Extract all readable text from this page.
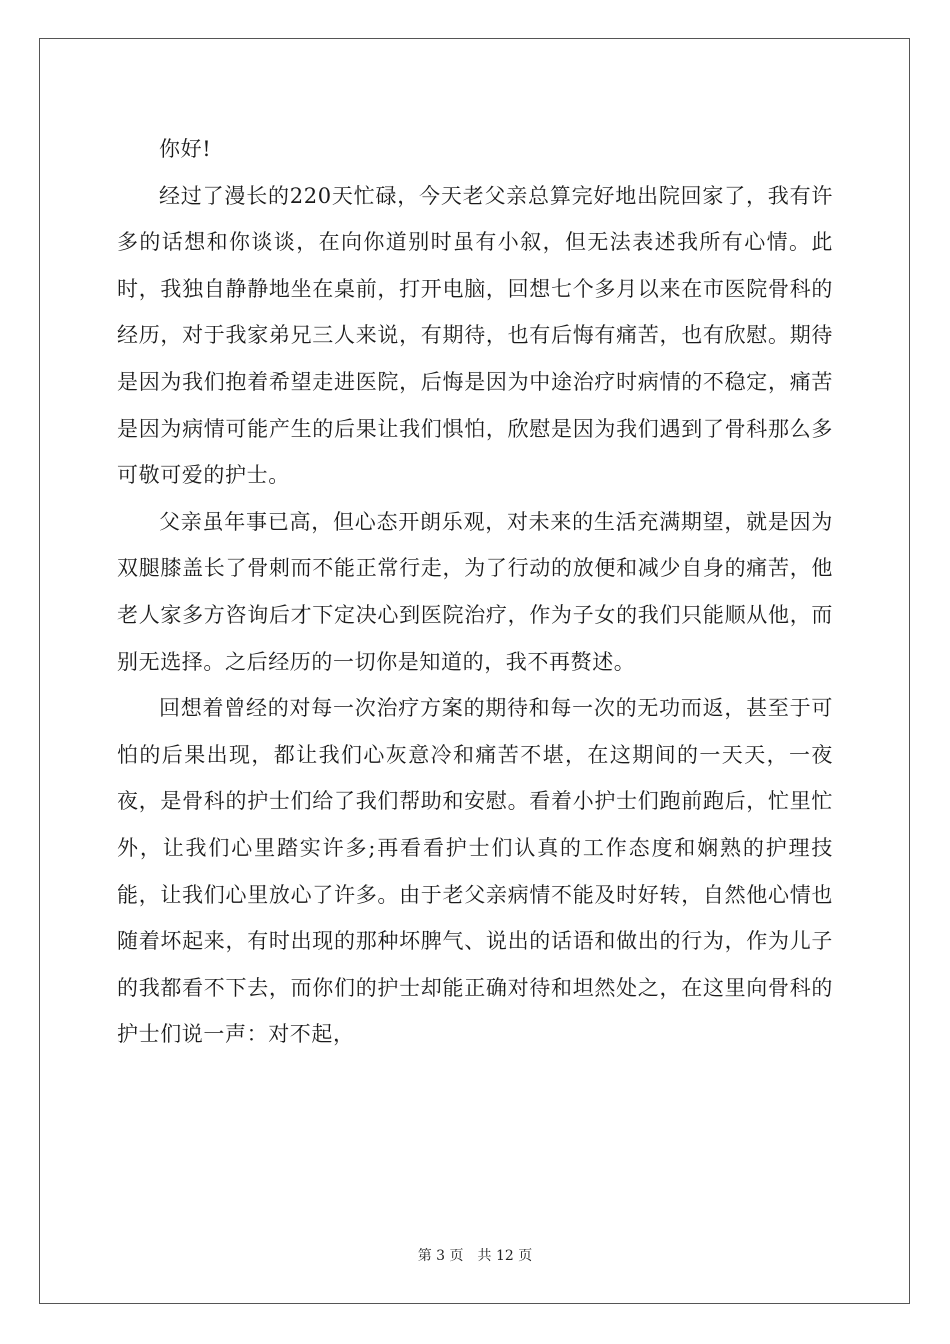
你好!

经过了漫长的220天忙碌，今天老父亲总算完好地出院回家了，我有许多的话想和你谈谈，在向你道别时虽有小叙，但无法表述我所有心情。此时，我独自静静地坐在桌前，打开电脑，回想七个多月以来在市医院骨科的经历，对于我家弟兄三人来说，有期待，也有后悔有痛苦，也有欣慰。期待是因为我们抱着希望走进医院，后悔是因为中途治疗时病情的不稳定，痛苦是因为病情可能产生的后果让我们惧怕，欣慰是因为我们遇到了骨科那么多可敬可爱的护士。

父亲虽年事已高，但心态开朗乐观，对未来的生活充满期望，就是因为双腿膝盖长了骨刺而不能正常行走，为了行动的放便和减少自身的痛苦，他老人家多方咨询后才下定决心到医院治疗，作为子女的我们只能顺从他，而别无选择。之后经历的一切你是知道的，我不再赘述。

回想着曾经的对每一次治疗方案的期待和每一次的无功而返，甚至于可怕的后果出现，都让我们心灰意冷和痛苦不堪，在这期间的一天天，一夜夜，是骨科的护士们给了我们帮助和安慰。看着小护士们跑前跑后，忙里忙外，让我们心里踏实许多;再看看护士们认真的工作态度和娴熟的护理技能，让我们心里放心了许多。由于老父亲病情不能及时好转，自然他心情也随着坏起来，有时出现的那种坏脾气、说出的话语和做出的行为，作为儿子的我都看不下去，而你们的护士却能正确对待和坦然处之，在这里向骨科的护士们说一声：对不起，

第 3 页　共 12 页
